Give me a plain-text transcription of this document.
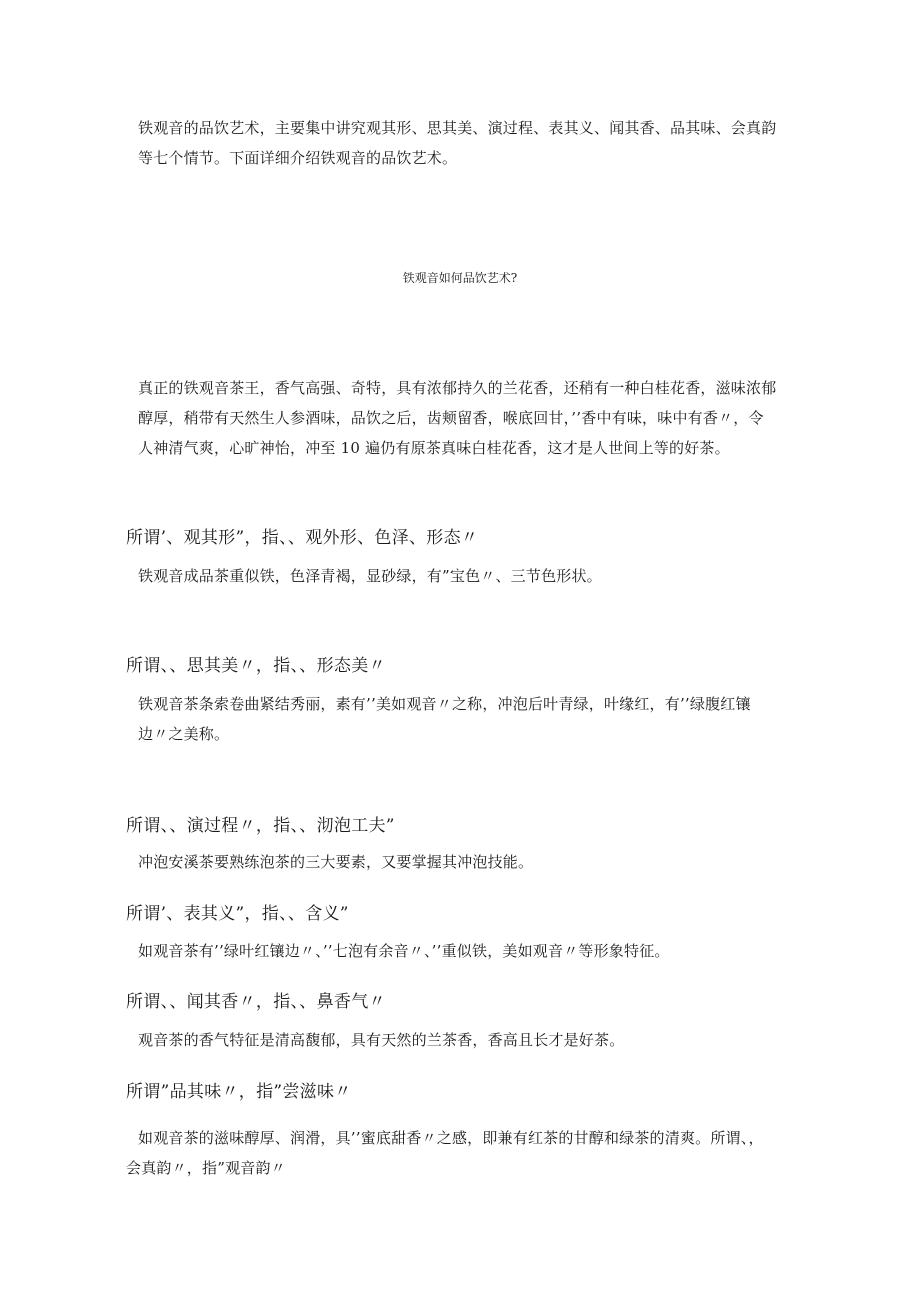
铁观音的品饮艺术，主要集中讲究观其形、思其美、演过程、表其义、闻其香、品其味、会真韵
等七个情节。下面详细介绍铁观音的品饮艺术。
铁观音如何品饮艺术?
真正的铁观音茶王，香气高强、奇特，具有浓郁持久的兰花香，还稍有一种白桂花香，滋味浓郁
醇厚，稍带有天然生人参酒味，品饮之后，齿颊留香，喉底回甘，’’香中有味，味中有香〃，令
人神清气爽，心旷神怡，冲至 10 遍仍有原茶真味白桂花香，这才是人世间上等的好茶。
所谓’、观其形”，指、、观外形、色泽、形态〃
铁观音成品茶重似铁，色泽青褐，显砂绿，有”宝色〃、三节色形状。
所谓、、思其美〃，指、、形态美〃
铁观音茶条索卷曲紧结秀丽，素有’’美如观音〃之称，冲泡后叶青绿，叶缘红，有’’绿腹红镶
边〃之美称。
所谓、、演过程〃，指、、沏泡工夫”
冲泡安溪茶要熟练泡茶的三大要素，又要掌握其冲泡技能。
所谓’、表其义”，指、、含义”
如观音茶有’’绿叶红镶边〃、’’七泡有余音〃、’’重似铁，美如观音〃等形象特征。
所谓、、闻其香〃，指、、鼻香气〃
观音茶的香气特征是清高馥郁，具有天然的兰茶香，香高且长才是好茶。
所谓”品其味〃，指”尝滋味〃
如观音茶的滋味醇厚、润滑，具’’蜜底甜香〃之感，即兼有红茶的甘醇和绿茶的清爽。所谓、，
会真韵〃，指”观音韵〃
